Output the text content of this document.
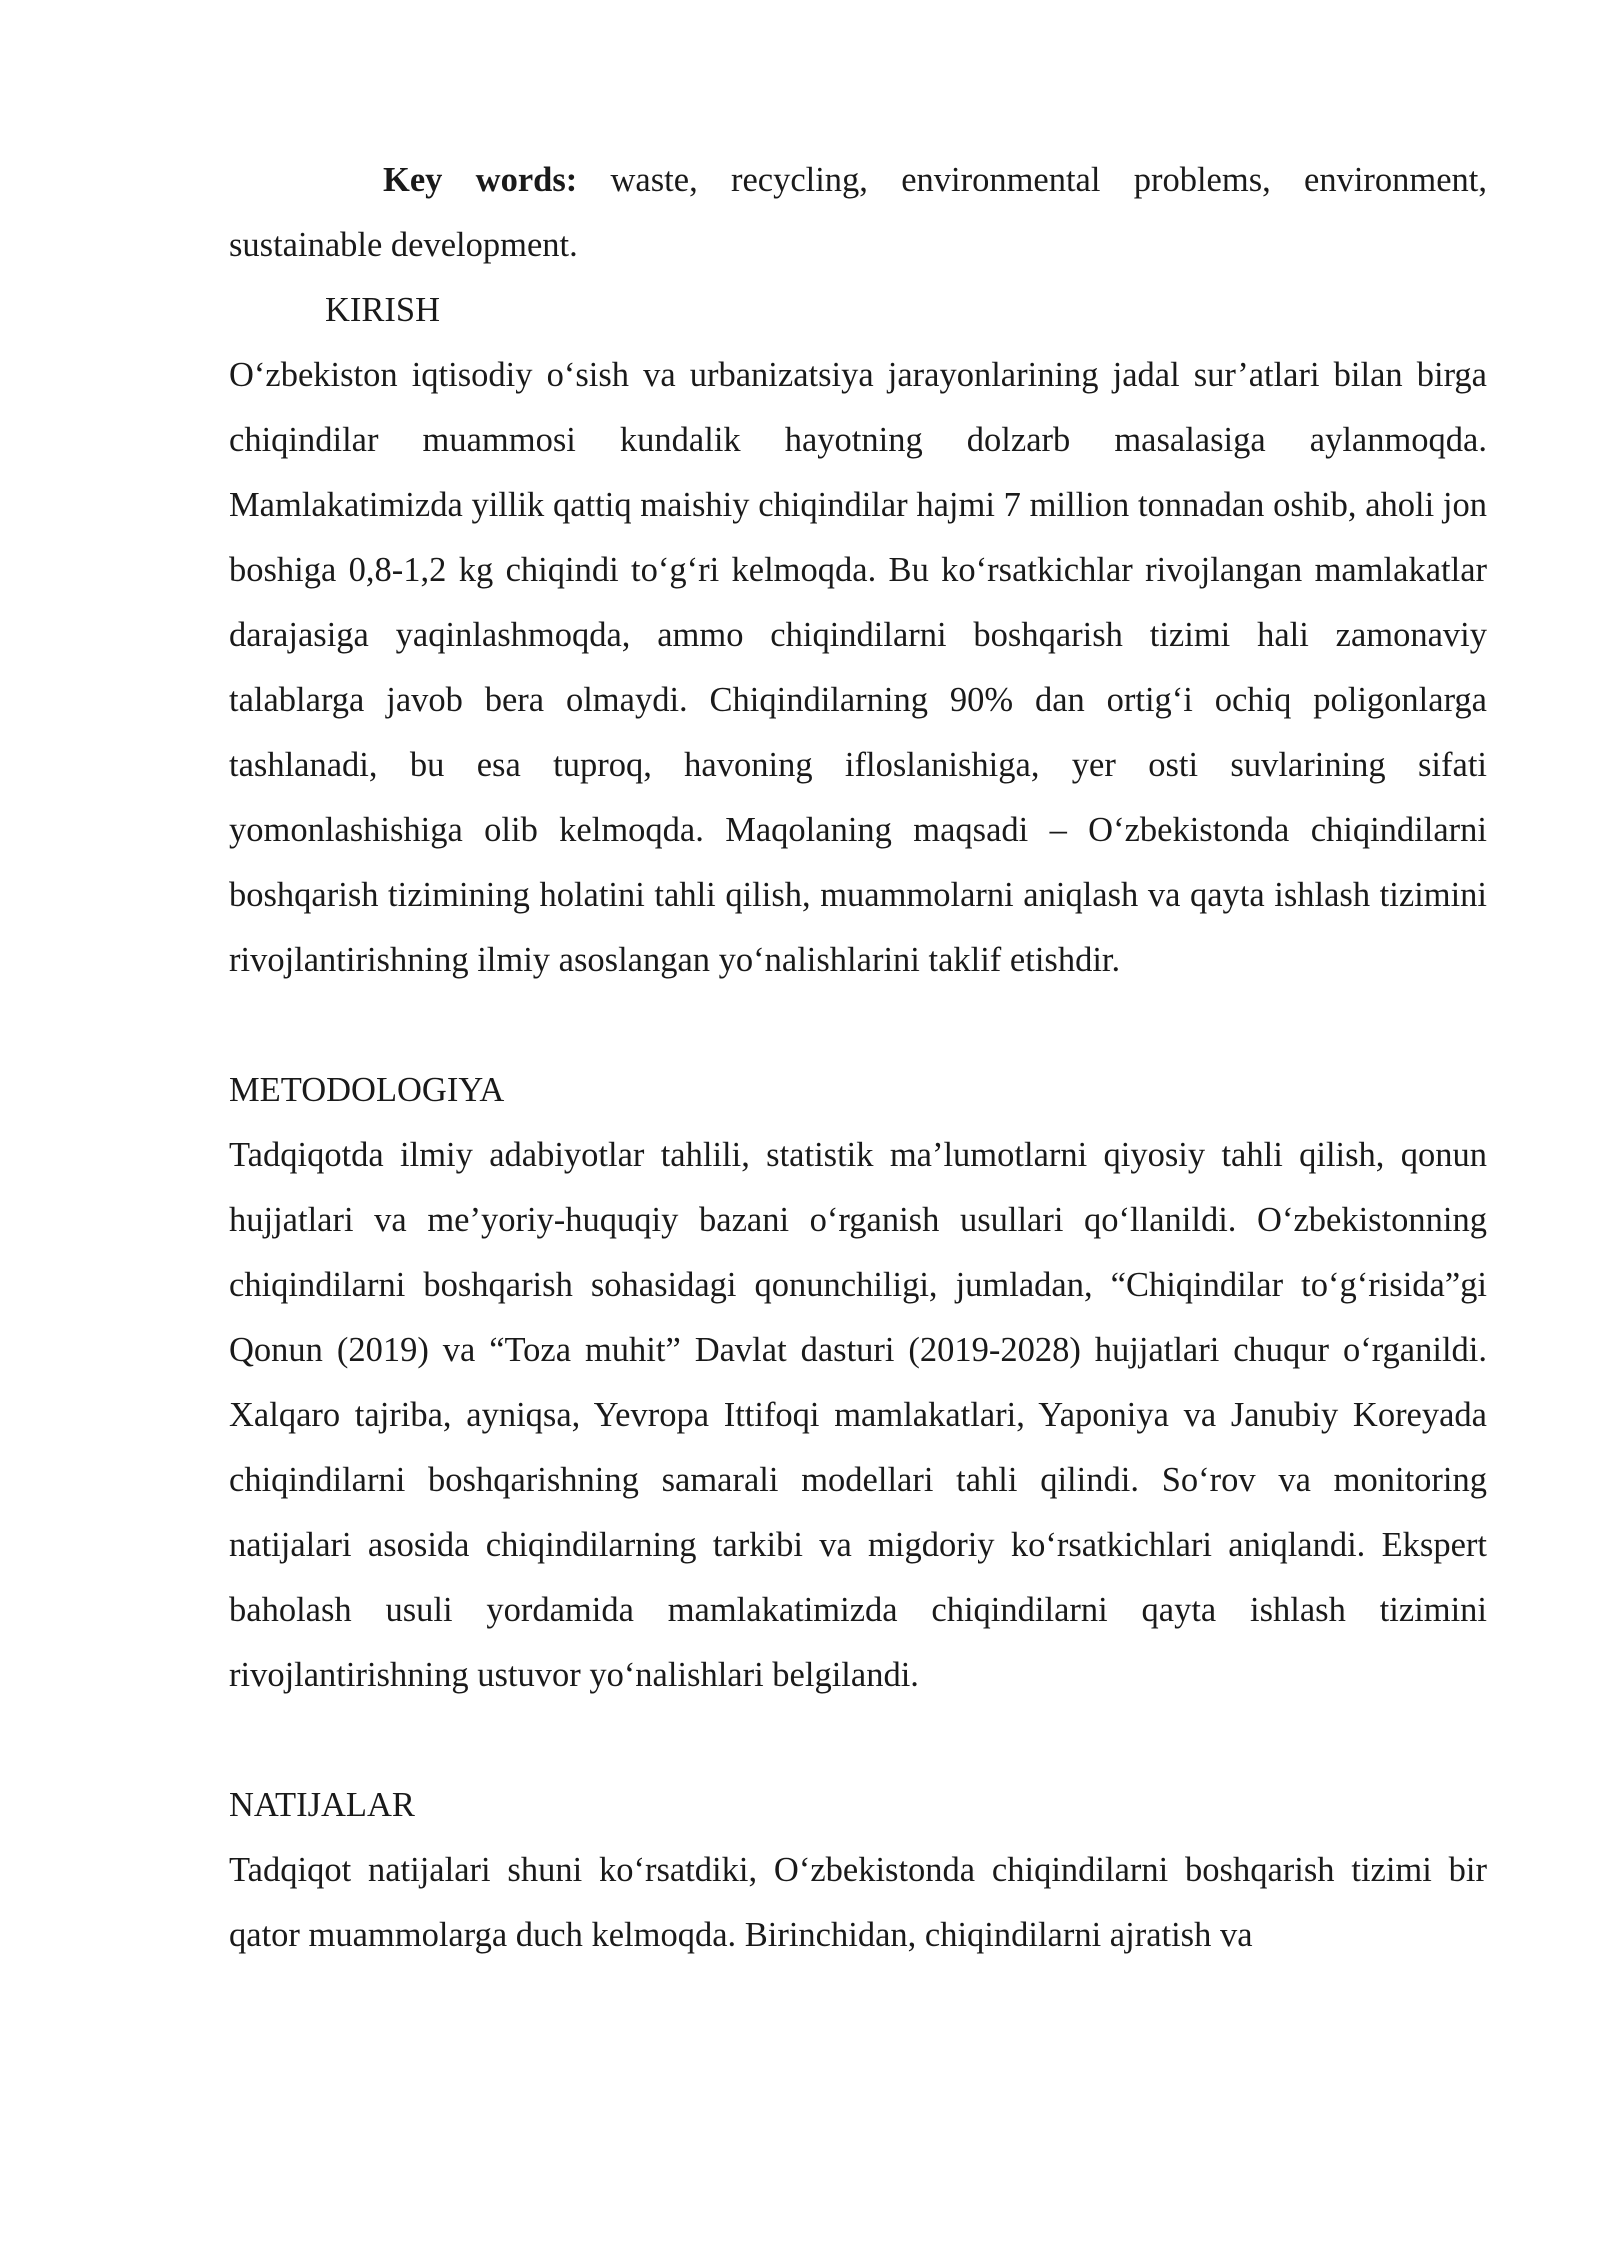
Key words: waste, recycling, environmental problems, environment, sustainable development.

KIRISH

O‘zbekiston iqtisodiy o‘sish va urbanizatsiya jarayonlarining jadal sur’atlari bilan birga chiqindilar muammosi kundalik hayotning dolzarb masalasiga aylanmoqda. Mamlakatimizda yillik qattiq maishiy chiqindilar hajmi 7 million tonnadan oshib, aholi jon boshiga 0,8-1,2 kg chiqindi to‘g‘ri kelmoqda. Bu ko‘rsatkichlar rivojlangan mamlakatlar darajasiga yaqinlashmoqda, ammo chiqindilarni boshqarish tizimi hali zamonaviy talablarga javob bera olmaydi. Chiqindilarning 90% dan ortig‘i ochiq poligonlarga tashlanadi, bu esa tuproq, havoning ifloslanishiga, yer osti suvlarining sifati yomonlashishiga olib kelmoqda. Maqolaning maqsadi – O‘zbekistonda chiqindilarni boshqarish tizimining holatini tahli qilish, muammolarni aniqlash va qayta ishlash tizimini rivojlantirishning ilmiy asoslangan yo‘nalishlarini taklif etishdir.

METODOLOGIYA

Tadqiqotda ilmiy adabiyotlar tahlili, statistik ma’lumotlarni qiyosiy tahli qilish, qonun hujjatlari va me’yoriy-huquqiy bazani o‘rganish usullari qo‘llanildi. O‘zbekistonning chiqindilarni boshqarish sohasidagi qonunchiligi, jumladan, “Chiqindilar to‘g‘risida”gi Qonun (2019) va “Toza muhit” Davlat dasturi (2019-2028) hujjatlari chuqur o‘rganildi. Xalqaro tajriba, ayniqsa, Yevropa Ittifoqi mamlakatlari, Yaponiya va Janubiy Koreyada chiqindilarni boshqarishning samarali modellari tahli qilindi. So‘rov va monitoring natijalari asosida chiqindilarning tarkibi va migdoriy ko‘rsatkichlari aniqlandi. Ekspert baholash usuli yordamida mamlakatimizda chiqindilarni qayta ishlash tizimini rivojlantirishning ustuvor yo‘nalishlari belgilandi.

NATIJALAR

Tadqiqot natijalari shuni ko‘rsatdiki, O‘zbekistonda chiqindilarni boshqarish tizimi bir qator muammolarga duch kelmoqda. Birinchidan, chiqindilarni ajratish va
